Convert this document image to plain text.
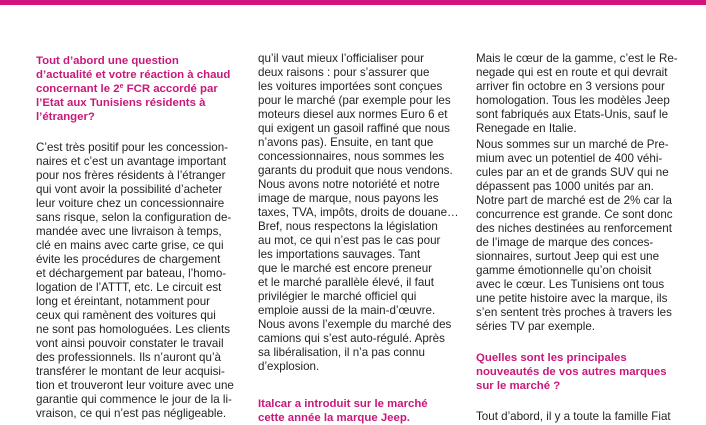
Tout d’abord une question
d’actualité et votre réaction à chaud
concernant le 2e FCR accordé par
l’Etat aux Tunisiens résidents à
l’étranger?
C’est très positif pour les concession-
naires et c’est un avantage important
pour nos frères résidents à l’étranger
qui vont avoir la possibilité d’acheter
leur voiture chez un concessionnaire
sans risque, selon la configuration de-
mandée avec une livraison à temps,
clé en mains avec carte grise, ce qui
évite les procédures de chargement
et déchargement par bateau, l’homo-
logation de l’ATTT, etc. Le circuit est
long et éreintant, notamment pour
ceux qui ramènent des voitures qui
ne sont pas homologuées. Les clients
vont ainsi pouvoir constater le travail
des professionnels. Ils n’auront qu’à
transférer le montant de leur acquisi-
tion et trouveront leur voiture avec une
garantie qui commence le jour de la li-
vraison, ce qui n’est pas négligeable.
qu’il vaut mieux l’officialiser pour
deux raisons : pour s’assurer que
les voitures importées sont conçues
pour le marché (par exemple pour les
moteurs diesel aux normes Euro 6 et
qui exigent un gasoil raffiné que nous
n’avons pas). Ensuite, en tant que
concessionnaires, nous sommes les
garants du produit que nous vendons.
Nous avons notre notoriété et notre
image de marque, nous payons les
taxes, TVA, impôts, droits de douane…
Bref, nous respectons la législation
au mot, ce qui n’est pas le cas pour
les importations sauvages. Tant
que le marché est encore preneur
et le marché parallèle élevé, il faut
privilégier le marché officiel qui
emploie aussi de la main-d’œuvre.
Nous avons l’exemple du marché des
camions qui s’est auto-régulé. Après
sa libéralisation, il n’a pas connu
d’explosion.
Italcar a introduit sur le marché
cette année la marque Jeep.
Mais le cœur de la gamme, c’est le Re-
negade qui est en route et qui devrait
arriver fin octobre en 3 versions pour
homologation. Tous les modèles Jeep
sont fabriqués aux Etats-Unis, sauf le
Renegade en Italie.
Nous sommes sur un marché de Pre-
mium avec un potentiel de 400 véhi-
cules par an et de grands SUV qui ne
dépassent pas 1000 unités par an.
Notre part de marché est de 2% car la
concurrence est grande. Ce sont donc
des niches destinées au renforcement
de l’image de marque des conces-
sionnaires, surtout Jeep qui est une
gamme émotionnelle qu’on choisit
avec le cœur. Les Tunisiens ont tous
une petite histoire avec la marque, ils
s’en sentent très proches à travers les
séries TV par exemple.
Quelles sont les principales
nouveautés de vos autres marques
sur le marché ?
Tout d’abord, il y a toute la famille Fiat
